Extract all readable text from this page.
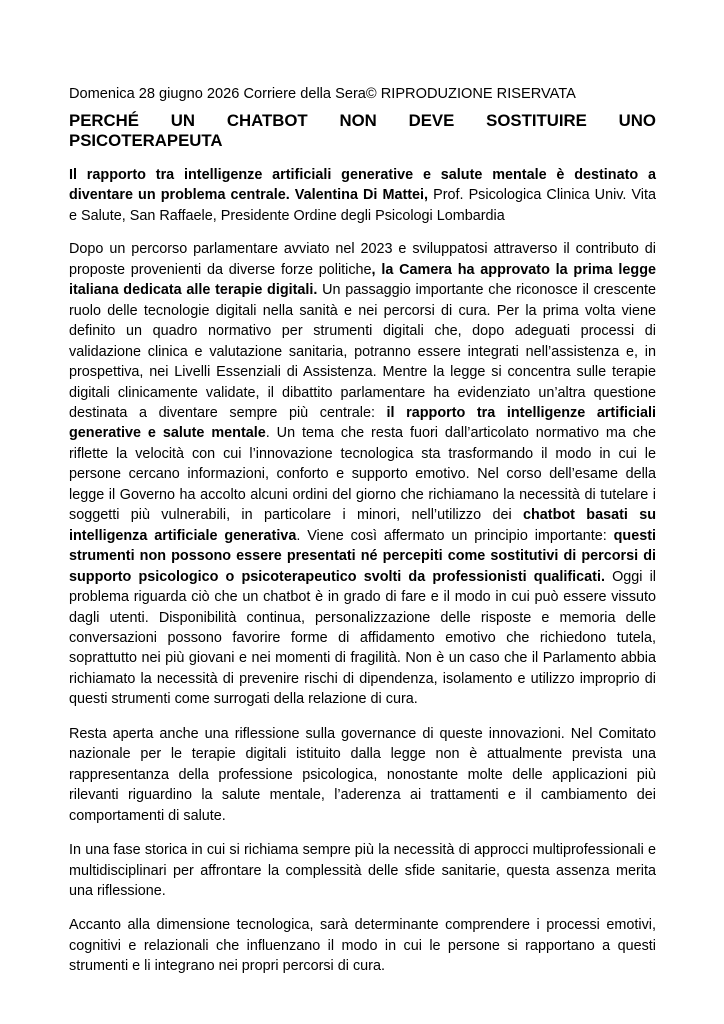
Domenica 28 giugno 2026 Corriere della Sera© RIPRODUZIONE RISERVATA
PERCHÉ UN CHATBOT NON DEVE SOSTITUIRE UNO
PSICOTERAPEUTA

Il rapporto tra intelligenze artificiali generative e salute mentale è destinato a diventare un problema centrale. Valentina Di Mattei, Prof. Psicologica Clinica Univ. Vita e Salute, San Raffaele, Presidente Ordine degli Psicologi Lombardia

Dopo un percorso parlamentare avviato nel 2023 e sviluppatosi attraverso il contributo di proposte provenienti da diverse forze politiche, la Camera ha approvato la prima legge italiana dedicata alle terapie digitali. Un passaggio importante che riconosce il crescente ruolo delle tecnologie digitali nella sanità e nei percorsi di cura. Per la prima volta viene definito un quadro normativo per strumenti digitali che, dopo adeguati processi di validazione clinica e valutazione sanitaria, potranno essere integrati nell’assistenza e, in prospettiva, nei Livelli Essenziali di Assistenza. Mentre la legge si concentra sulle terapie digitali clinicamente validate, il dibattito parlamentare ha evidenziato un’altra questione destinata a diventare sempre più centrale: il rapporto tra intelligenze artificiali generative e salute mentale. Un tema che resta fuori dall’articolato normativo ma che riflette la velocità con cui l’innovazione tecnologica sta trasformando il modo in cui le persone cercano informazioni, conforto e supporto emotivo. Nel corso dell’esame della legge il Governo ha accolto alcuni ordini del giorno che richiamano la necessità di tutelare i soggetti più vulnerabili, in particolare i minori, nell’utilizzo dei chatbot basati su intelligenza artificiale generativa. Viene così affermato un principio importante: questi strumenti non possono essere presentati né percepiti come sostitutivi di percorsi di supporto psicologico o psicoterapeutico svolti da professionisti qualificati. Oggi il problema riguarda ciò che un chatbot è in grado di fare e il modo in cui può essere vissuto dagli utenti. Disponibilità continua, personalizzazione delle risposte e memoria delle conversazioni possono favorire forme di affidamento emotivo che richiedono tutela, soprattutto nei più giovani e nei momenti di fragilità. Non è un caso che il Parlamento abbia richiamato la necessità di prevenire rischi di dipendenza, isolamento e utilizzo improprio di questi strumenti come surrogati della relazione di cura.

Resta aperta anche una riflessione sulla governance di queste innovazioni. Nel Comitato nazionale per le terapie digitali istituito dalla legge non è attualmente prevista una rappresentanza della professione psicologica, nonostante molte delle applicazioni più rilevanti riguardino la salute mentale, l’aderenza ai trattamenti e il cambiamento dei comportamenti di salute.

In una fase storica in cui si richiama sempre più la necessità di approcci multiprofessionali e multidisciplinari per affrontare la complessità delle sfide sanitarie, questa assenza merita una riflessione.

Accanto alla dimensione tecnologica, sarà determinante comprendere i processi emotivi, cognitivi e relazionali che influenzano il modo in cui le persone si rapportano a questi strumenti e li integrano nei propri percorsi di cura.
